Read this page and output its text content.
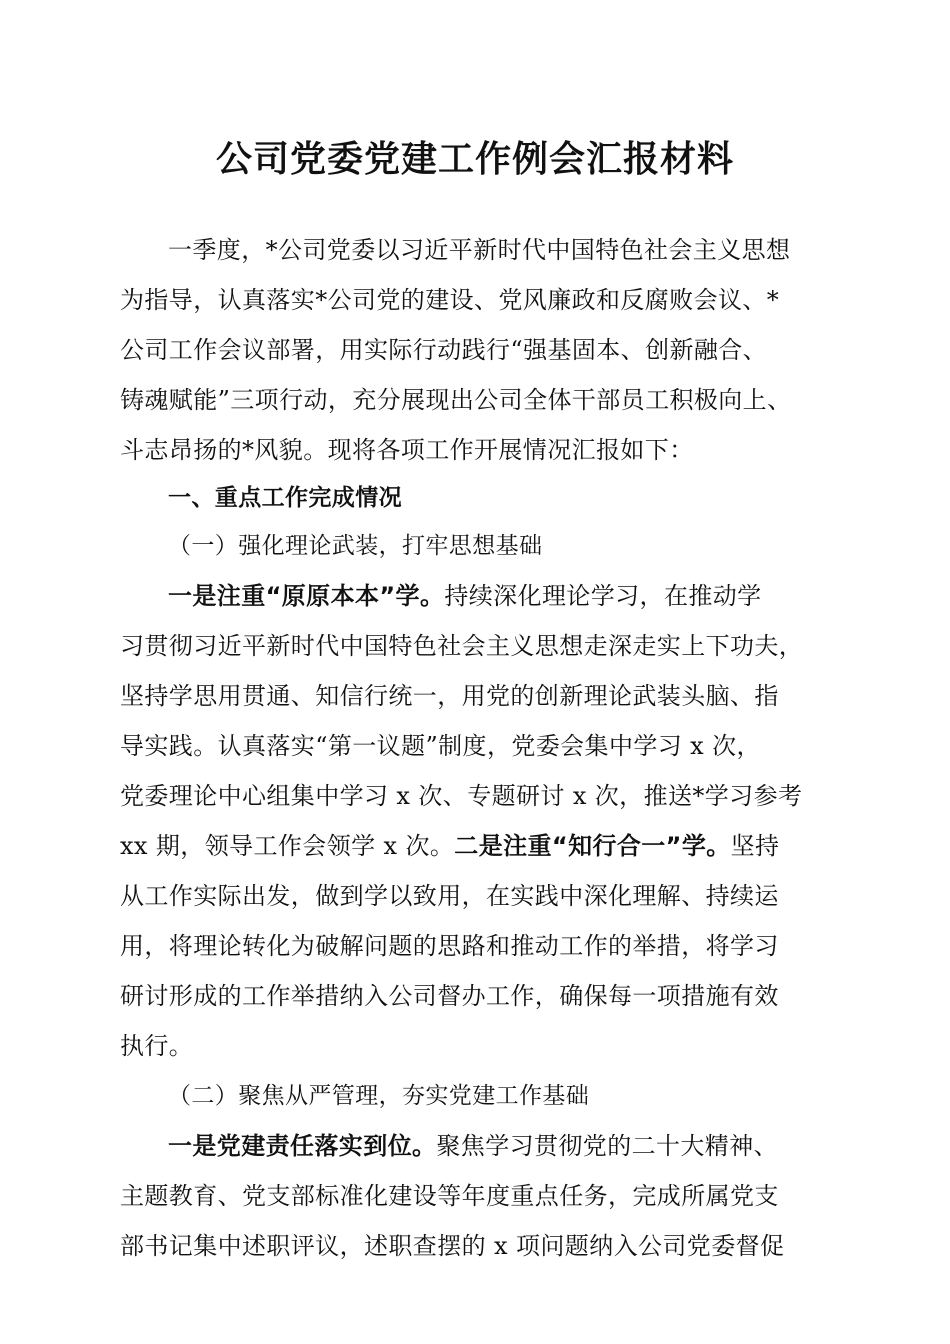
公司党委党建工作例会汇报材料
一季度，*公司党委以习近平新时代中国特色社会主义思想
为指导，认真落实*公司党的建设、党风廉政和反腐败会议、*
公司工作会议部署，用实际行动践行“强基固本、创新融合、
铸魂赋能”三项行动，充分展现出公司全体干部员工积极向上、
斗志昂扬的*风貌。现将各项工作开展情况汇报如下：
一、重点工作完成情况
（一）强化理论武装，打牢思想基础
一是注重“原原本本”学。持续深化理论学习，在推动学
习贯彻习近平新时代中国特色社会主义思想走深走实上下功夫，
坚持学思用贯通、知信行统一，用党的创新理论武装头脑、指
导实践。认真落实“第一议题”制度，党委会集中学习 x 次，
党委理论中心组集中学习 x 次、专题研讨 x 次，推送*学习参考
xx 期，领导工作会领学 x 次。二是注重“知行合一”学。坚持
从工作实际出发，做到学以致用，在实践中深化理解、持续运
用，将理论转化为破解问题的思路和推动工作的举措，将学习
研讨形成的工作举措纳入公司督办工作，确保每一项措施有效
执行。
（二）聚焦从严管理，夯实党建工作基础
一是党建责任落实到位。聚焦学习贯彻党的二十大精神、
主题教育、党支部标准化建设等年度重点任务，完成所属党支
部书记集中述职评议，述职查摆的 x 项问题纳入公司党委督促
